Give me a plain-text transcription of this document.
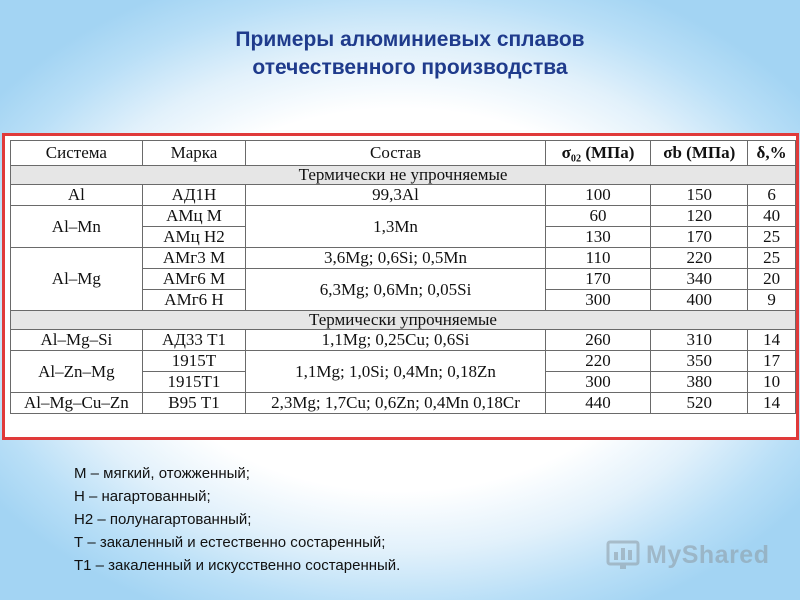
Примеры алюминиевых сплавов
отечественного производства
Система	Марка	Состав	σ₀₂ (МПа)	σb (МПа)	δ,%
Термически не упрочняемые					
Al	АД1Н	99,3Al	100	150	6
Al–Mn	АМц М	1,3Mn	60	120	40
	АМц Н2		130	170	25
Al–Mg	АМг3 М	3,6Mg; 0,6Si; 0,5Mn	110	220	25
	АМг6 М	6,3Mg; 0,6Mn; 0,05Si	170	340	20
	АМг6 Н		300	400	9
Термически упрочняемые					
Al–Mg–Si	АД33 Т1	1,1Mg; 0,25Cu; 0,6Si	260	310	14
Al–Zn–Mg	1915Т	1,1Mg; 1,0Si; 0,4Mn; 0,18Zn	220	350	17
	1915Т1		300	380	10
Al–Mg–Cu–Zn	В95 Т1	2,3Mg; 1,7Cu; 0,6Zn; 0,4Mn 0,18Cr	440	520	14
М – мягкий, отожженный;
Н – нагартованный;
Н2 – полунагартованный;
Т – закаленный и естественно состаренный;
Т1 – закаленный и искусственно состаренный.	MyShared
